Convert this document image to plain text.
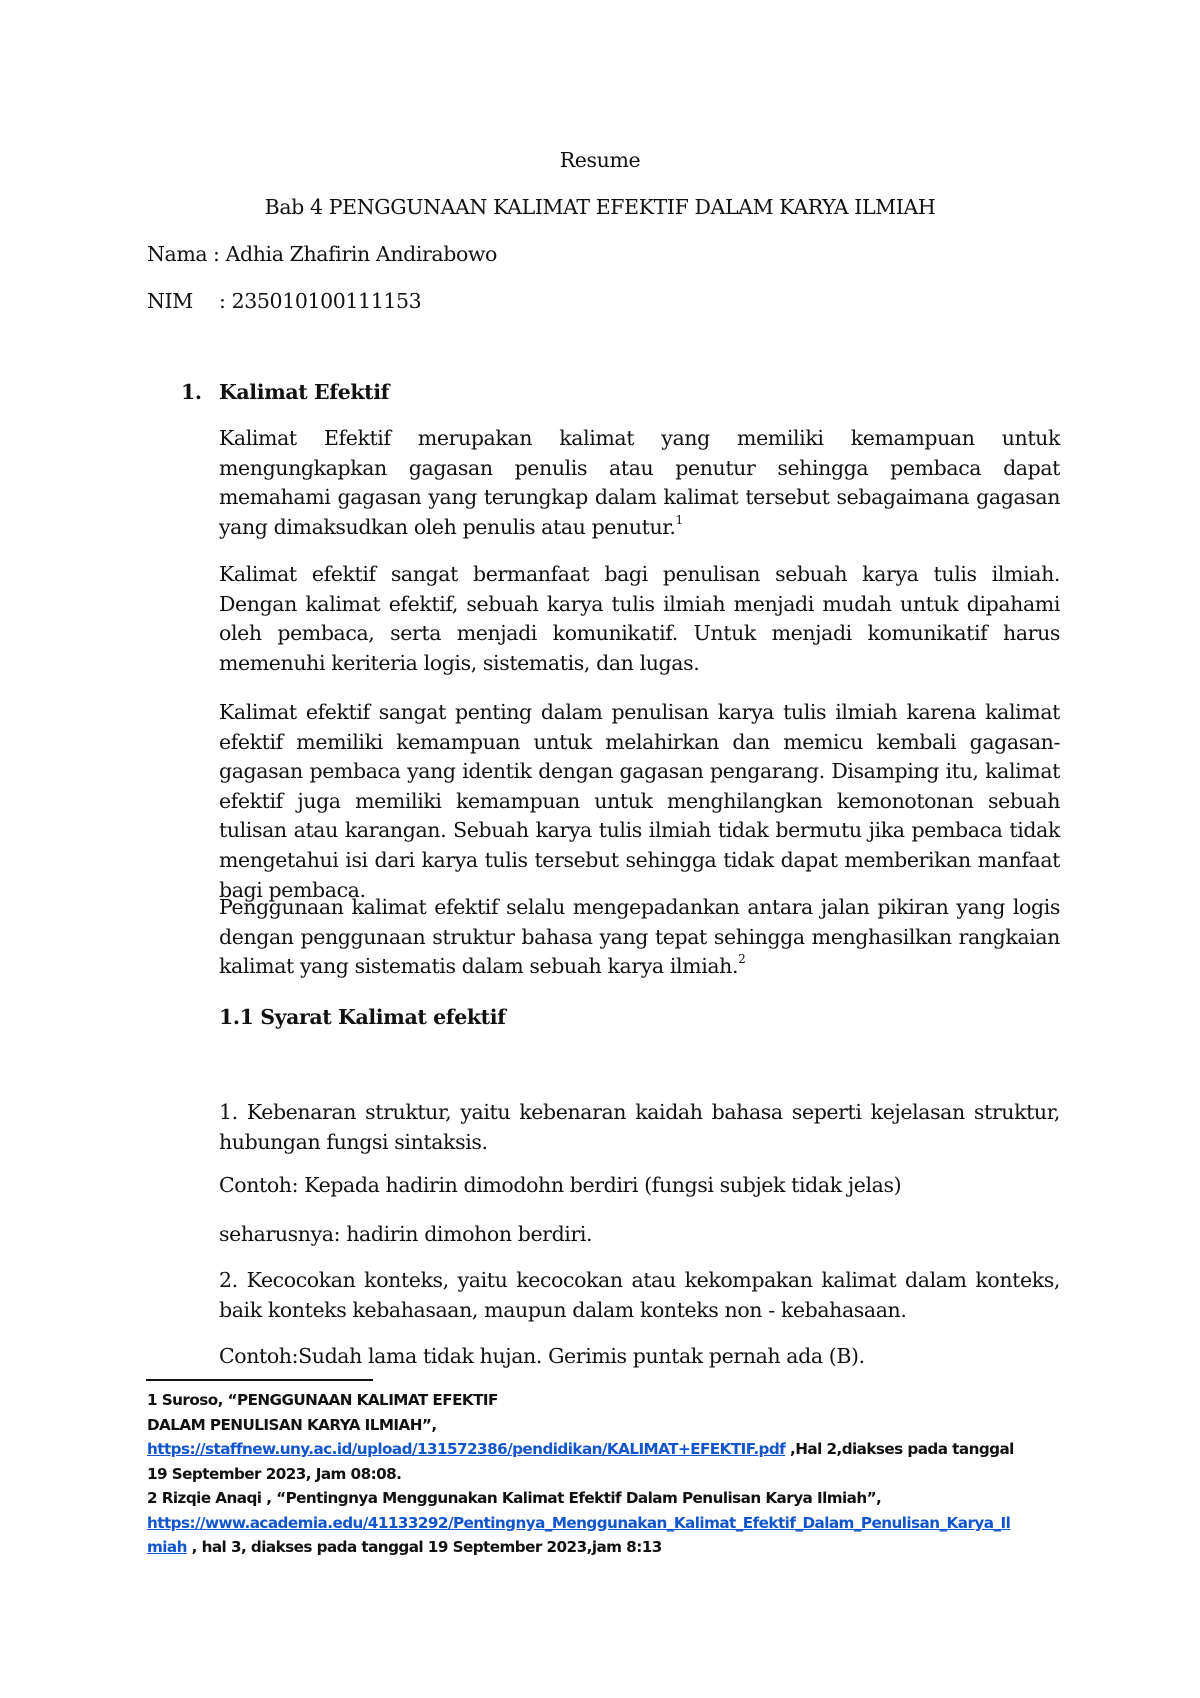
Resume
Bab 4 PENGGUNAAN KALIMAT EFEKTIF DALAM KARYA ILMIAH
Nama : Adhia Zhafirin Andirabowo
NIM : 235010100111153
1. Kalimat Efektif
Kalimat Efektif merupakan kalimat yang memiliki kemampuan untuk mengungkapkan gagasan penulis atau penutur sehingga pembaca dapat memahami gagasan yang terungkap dalam kalimat tersebut sebagaimana gagasan yang dimaksudkan oleh penulis atau penutur.$^1$
Kalimat efektif sangat bermanfaat bagi penulisan sebuah karya tulis ilmiah. Dengan kalimat efektif, sebuah karya tulis ilmiah menjadi mudah untuk dipahami oleh pembaca, serta menjadi komunikatif. Untuk menjadi komunikatif harus memenuhi keriteria logis, sistematis, dan lugas.
Kalimat efektif sangat penting dalam penulisan karya tulis ilmiah karena kalimat efektif memiliki kemampuan untuk melahirkan dan memicu kembali gagasan-gagasan pembaca yang identik dengan gagasan pengarang. Disamping itu, kalimat efektif juga memiliki kemampuan untuk menghilangkan kemonotonan sebuah tulisan atau karangan. Sebuah karya tulis ilmiah tidak bermutu jika pembaca tidak mengetahui isi dari karya tulis tersebut sehingga tidak dapat memberikan manfaat bagi pembaca.
Penggunaan kalimat efektif selalu mengepadankan antara jalan pikiran yang logis dengan penggunaan struktur bahasa yang tepat sehingga menghasilkan rangkaian kalimat yang sistematis dalam sebuah karya ilmiah.$^2$
1.1 Syarat Kalimat efektif
1. Kebenaran struktur, yaitu kebenaran kaidah bahasa seperti kejelasan struktur, hubungan fungsi sintaksis.
Contoh: Kepada hadirin dimodohn berdiri (fungsi subjek tidak jelas)
seharusnya: hadirin dimohon berdiri.
2. Kecocokan konteks, yaitu kecocokan atau kekompakan kalimat dalam konteks, baik konteks kebahasaan, maupun dalam konteks non - kebahasaan.
Contoh:Sudah lama tidak hujan. Gerimis puntak pernah ada (B).
1 Suroso, “PENGGUNAAN KALIMAT EFEKTIF
DALAM PENULISAN KARYA ILMIAH”,
https://staffnew.uny.ac.id/upload/131572386/pendidikan/KALIMAT+EFEKTIF.pdf ,Hal 2,diakses pada tanggal
19 September 2023, Jam 08:08.
2 Rizqie Anaqi , “Pentingnya Menggunakan Kalimat Efektif Dalam Penulisan Karya Ilmiah”,
https://www.academia.edu/41133292/Pentingnya_Menggunakan_Kalimat_Efektif_Dalam_Penulisan_Karya_Il
miah , hal 3, diakses pada tanggal 19 September 2023,jam 8:13
